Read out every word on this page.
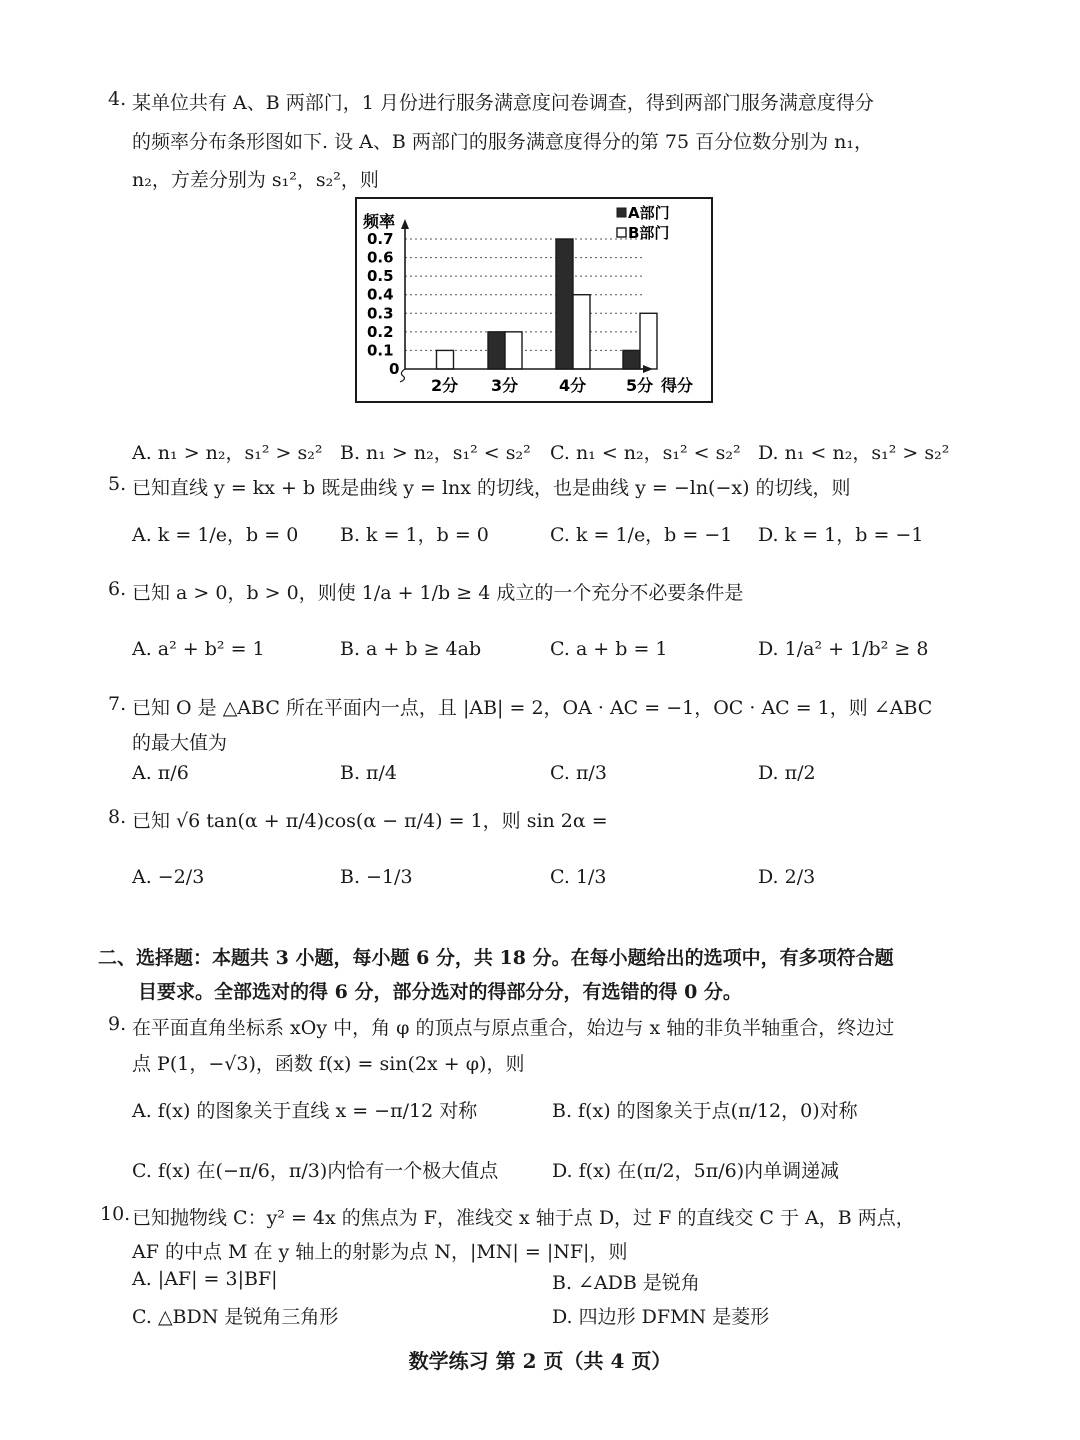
4. 某单位共有 A、B 两部门，1 月份进行服务满意度问卷调查，得到两部门服务满意度得分
的频率分布条形图如下. 设 A、B 两部门的服务满意度得分的第 75 百分位数分别为 n₁，
n₂，方差分别为 s₁²，s₂²，则
频率
得分
0
0.1
0.2
0.3
0.4
0.5
0.6
0.7
2分 3分	4分 5分
A部门
B部门
A. n₁ > n₂，s₁² > s₂² B. n₁ > n₂，s₁² < s₂² C. n₁ < n₂，s₁² < s₂² D. n₁ < n₂，s₁² > s₂²
5. 已知直线 y = kx + b 既是曲线 y = lnx 的切线，也是曲线 y = −ln(−x) 的切线，则
A. k = 1/e，b = 0 B. k = 1，b = 0	C. k = 1/e，b = −1 D. k = 1，b = −1
6. 已知 a > 0，b > 0，则使 1/a + 1/b ≥ 4 成立的一个充分不必要条件是
A. a² + b² = 1	B. a + b ≥ 4ab	C. a + b = 1	D. 1/a² + 1/b² ≥ 8
7. 已知 O 是 △ABC 所在平面内一点，且 |AB| = 2，OA · AC = −1，OC · AC = 1，则 ∠ABC
的最大值为
A. π/6	B. π/4	C. π/3	D. π/2
8. 已知 √6 tan(α + π/4)cos(α − π/4) = 1，则 sin 2α =
A. −2/3	B. −1/3	C. 1/3	D. 2/3
二、选择题：本题共 3 小题，每小题 6 分，共 18 分。在每小题给出的选项中，有多项符合题
目要求。全部选对的得 6 分，部分选对的得部分分，有选错的得 0 分。
9. 在平面直角坐标系 xOy 中，角 φ 的顶点与原点重合，始边与 x 轴的非负半轴重合，终边过
点 P(1，−√3)，函数 f(x) = sin(2x + φ)，则
A. f(x) 的图象关于直线 x = −π/12 对称	B. f(x) 的图象关于点(π/12，0)对称
C. f(x) 在(−π/6，π/3)内恰有一个极大值点	D. f(x) 在(π/2，5π/6)内单调递减
10. 已知抛物线 C：y² = 4x 的焦点为 F，准线交 x 轴于点 D，过 F 的直线交 C 于 A，B 两点，
AF 的中点 M 在 y 轴上的射影为点 N，|MN| = |NF|，则
A. |AF| = 3|BF|	B. ∠ADB 是锐角
C. △BDN 是锐角三角形	D. 四边形 DFMN 是菱形
数学练习 第 2 页（共 4 页）
